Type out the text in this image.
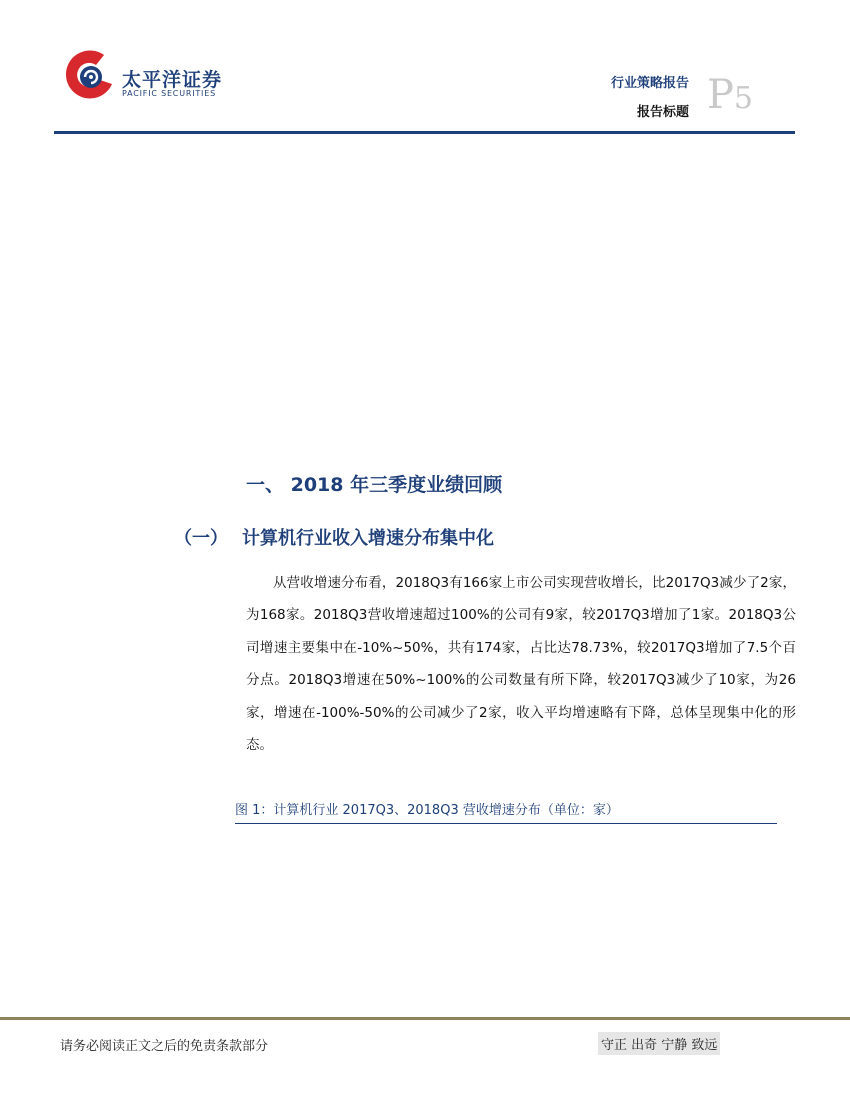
太平洋证券
PACIFIC SECURITIES
行业策略报告
报告标题 P5
一、 2018 年三季度业绩回顾
（一） 计算机行业收入增速分布集中化

从营收增速分布看，2018Q3有166家上市公司实现营收增长，比2017Q3减少了2家，为168家。2018Q3营收增速超过100%的公司有9家，较2017Q3增加了1家。2018Q3公司增速主要集中在-10%~50%，共有174家，占比达78.73%，较2017Q3增加了7.5个百分点。2018Q3增速在50%~100%的公司数量有所下降，较2017Q3减少了10家，为26家，增速在-100%-50%的公司减少了2家，收入平均增速略有下降，总体呈现集中化的形态。

图 1：计算机行业 2017Q3、2018Q3 营收增速分布（单位：家）
请务必阅读正文之后的免责条款部分	守正 出奇 宁静 致远
